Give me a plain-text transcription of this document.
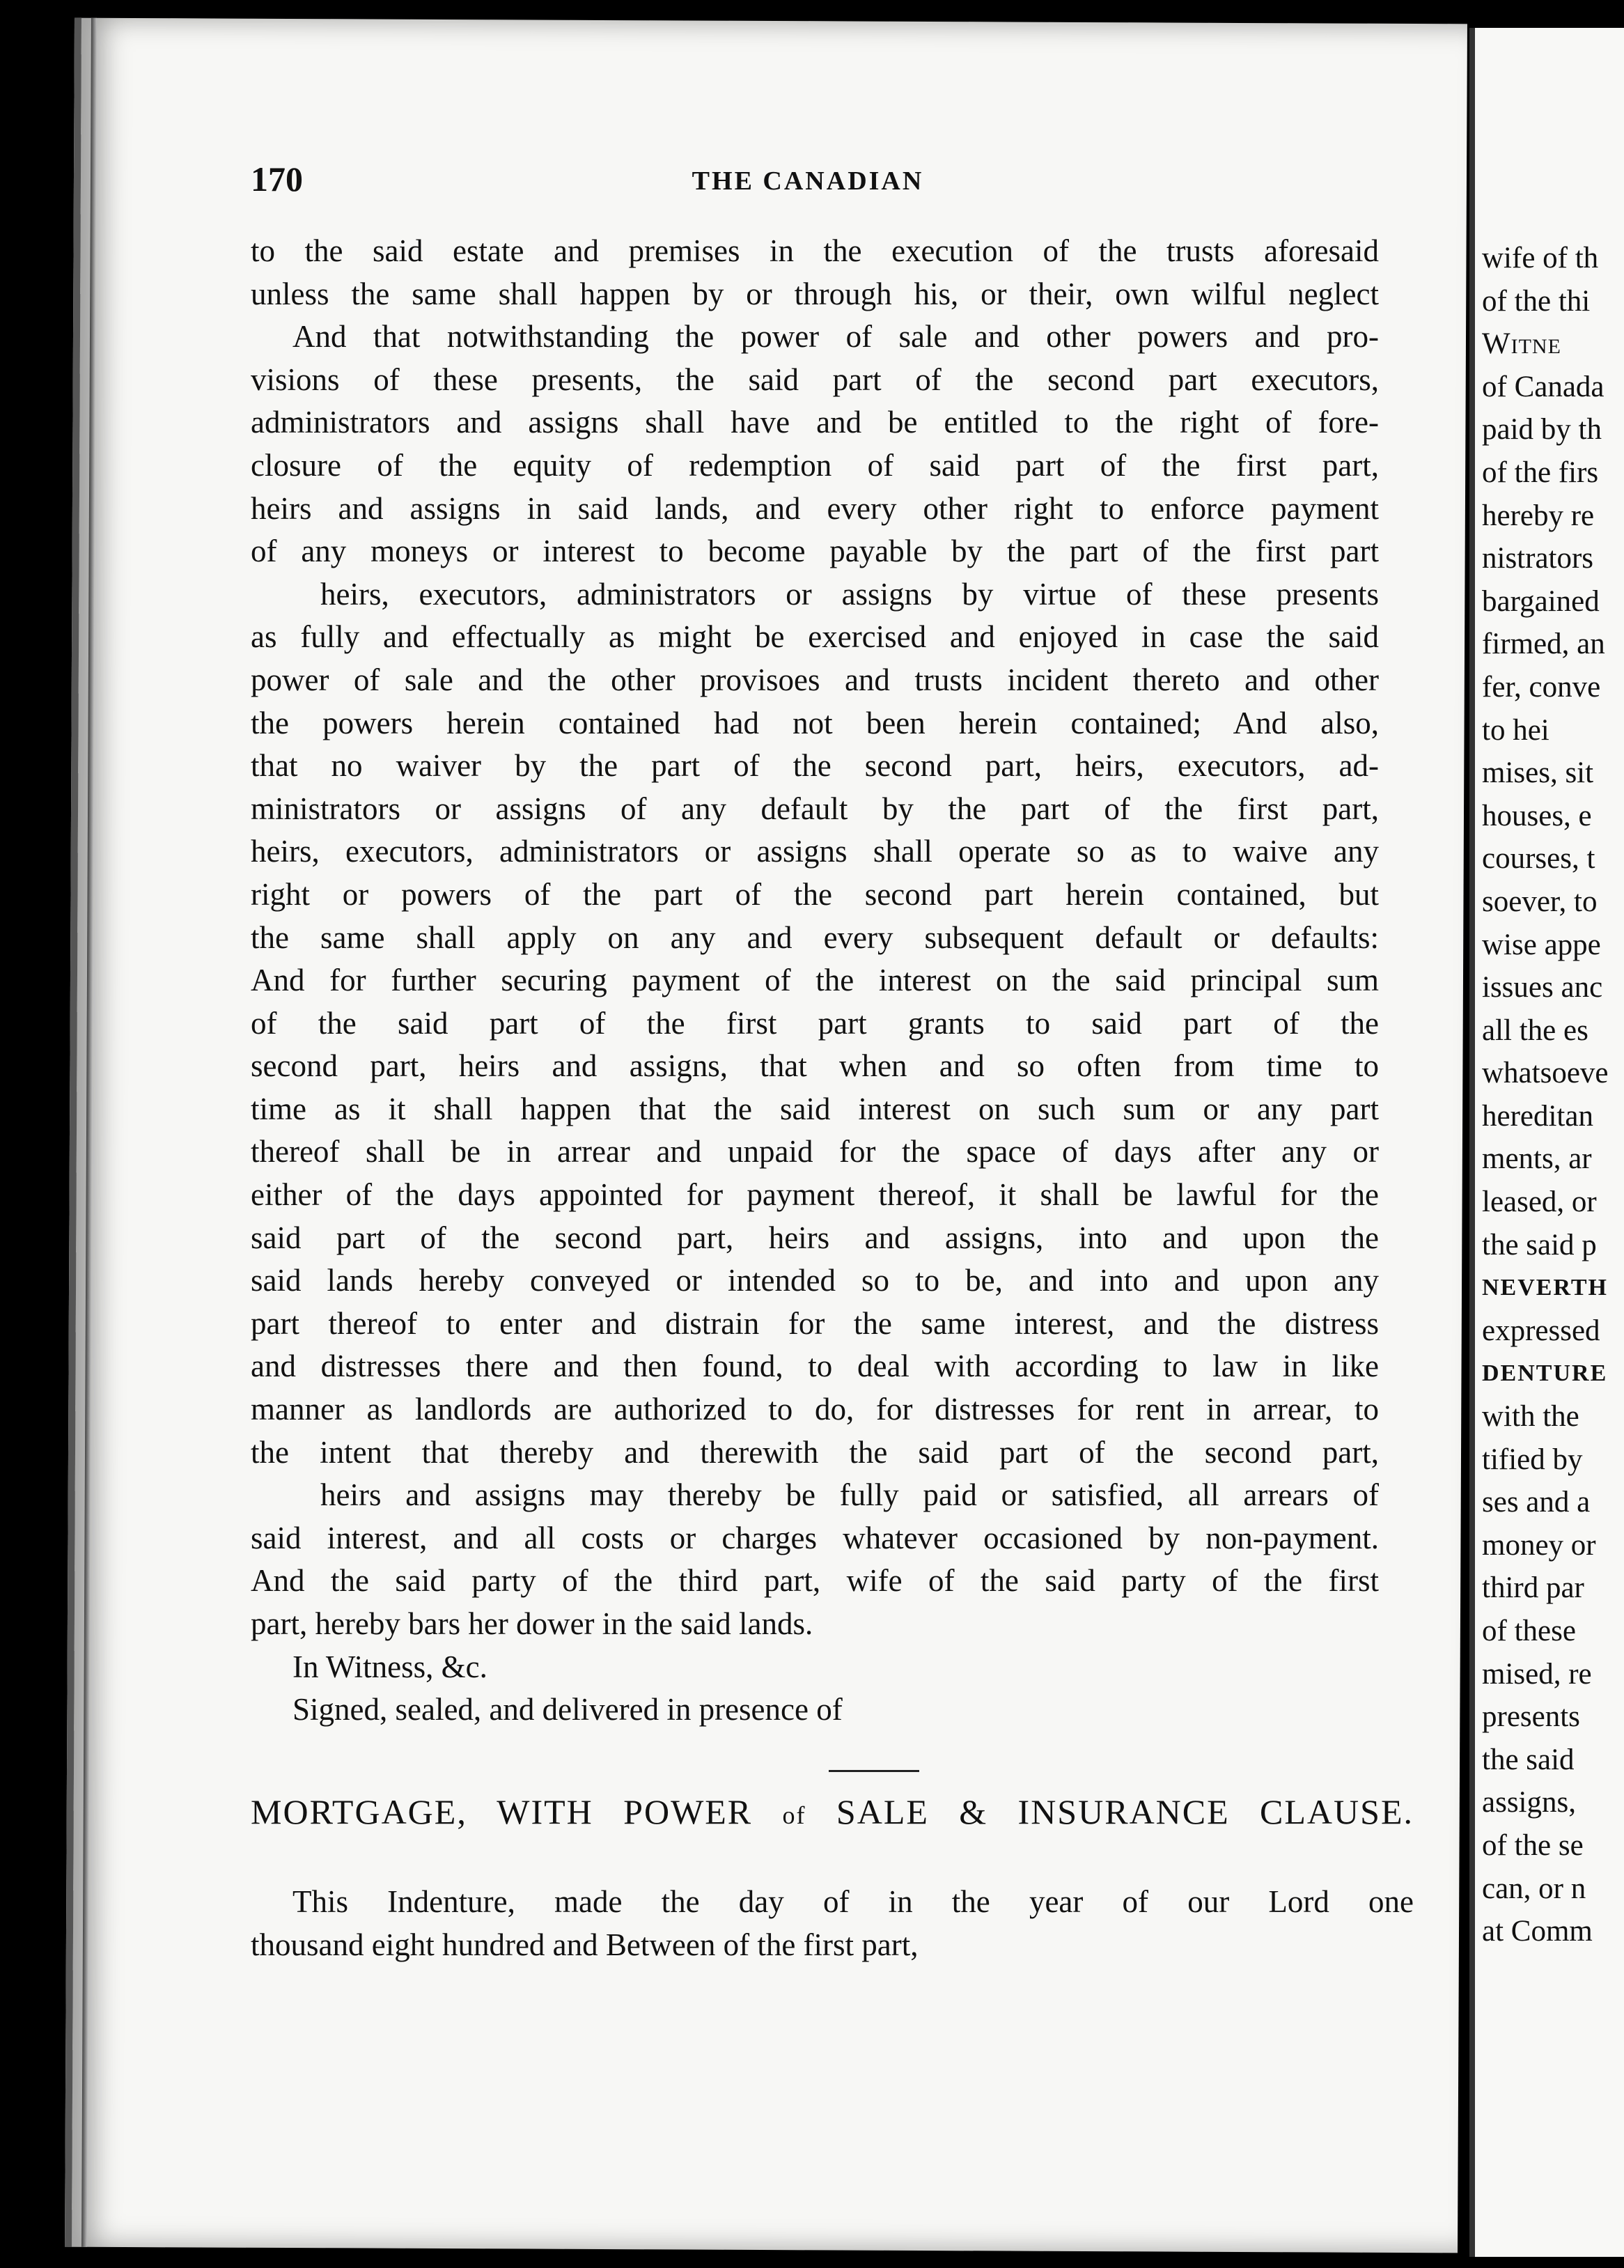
wife of th
of the thi
Witne
of Canada
paid by th
of the firs
hereby re
nistrators
bargained
firmed, an
fer, conve
to hei
mises, sit
houses, e
courses, t
soever, to
wise appe
issues anc
all the es
whatsoeve
hereditan
ments, ar
leased, or
the said p
NEVERTH
expressed
DENTURE
with the
tified by
ses and a
money or
third par
of these
mised, re
presents
the said
assigns,
of the se
can, or n
at Comm
170	THE CANADIAN
to the said estate and premises in the execution of the trusts aforesaid
unless the same shall happen by or through his, or their, own wilful neglect
And that notwithstanding the power of sale and other powers and pro-
visions of these presents, the said part of the second part executors,
administrators and assigns shall have and be entitled to the right of fore-
closure of the equity of redemption of said part of the first part,
heirs and assigns in said lands, and every other right to enforce payment
of any moneys or interest to become payable by the part of the first part
heirs, executors, administrators or assigns by virtue of these presents
as fully and effectually as might be exercised and enjoyed in case the said
power of sale and the other provisoes and trusts incident thereto and other
the powers herein contained had not been herein contained; And also,
that no waiver by the part of the second part, heirs, executors, ad-
ministrators or assigns of any default by the part of the first part,
heirs, executors, administrators or assigns shall operate so as to waive any
right or powers of the part of the second part herein contained, but
the same shall apply on any and every subsequent default or defaults:
And for further securing payment of the interest on the said principal sum
of the said part of the first part grants to said part of the
second part, heirs and assigns, that when and so often from time to
time as it shall happen that the said interest on such sum or any part
thereof shall be in arrear and unpaid for the space of days after any or
either of the days appointed for payment thereof, it shall be lawful for the
said part of the second part, heirs and assigns, into and upon the
said lands hereby conveyed or intended so to be, and into and upon any
part thereof to enter and distrain for the same interest, and the distress
and distresses there and then found, to deal with according to law in like
manner as landlords are authorized to do, for distresses for rent in arrear, to
the intent that thereby and therewith the said part of the second part,
heirs and assigns may thereby be fully paid or satisfied, all arrears of
said interest, and all costs or charges whatever occasioned by non-payment.
And the said party of the third part, wife of the said party of the first
part, hereby bars her dower in the said lands.
In Witness, &c.
Signed, sealed, and delivered in presence of
MORTGAGE, WITH POWER of SALE & INSURANCE CLAUSE.
This Indenture, made the day of in the year of our Lord one
thousand eight hundred and Between of the first part,
